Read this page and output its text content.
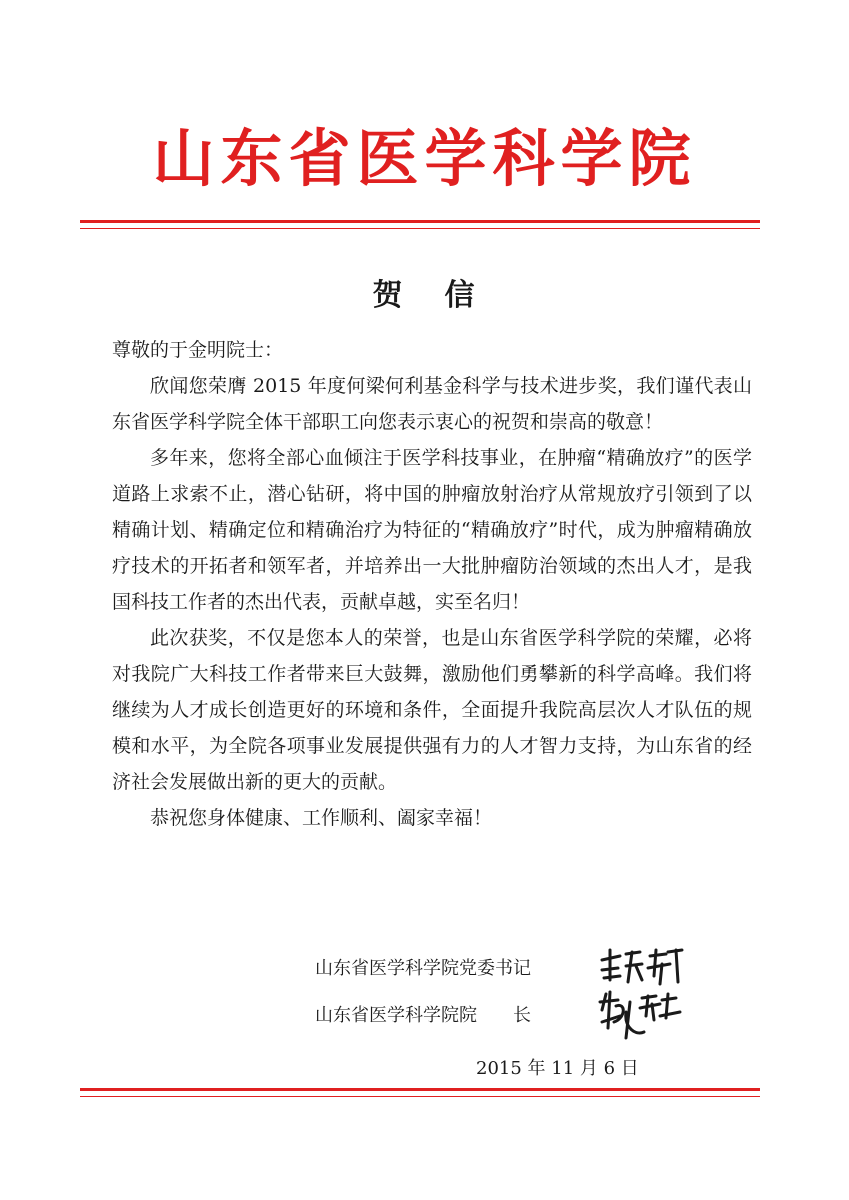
山东省医学科学院
贺 信

尊敬的于金明院士：

欣闻您荣膺 2015 年度何梁何利基金科学与技术进步奖，我们谨代表山东省医学科学院全体干部职工向您表示衷心的祝贺和崇高的敬意！

多年来，您将全部心血倾注于医学科技事业，在肿瘤“精确放疗”的医学道路上求索不止，潜心钻研，将中国的肿瘤放射治疗从常规放疗引领到了以精确计划、精确定位和精确治疗为特征的“精确放疗”时代，成为肿瘤精确放疗技术的开拓者和领军者，并培养出一大批肿瘤防治领域的杰出人才，是我国科技工作者的杰出代表，贡献卓越，实至名归！

此次获奖，不仅是您本人的荣誉，也是山东省医学科学院的荣耀，必将对我院广大科技工作者带来巨大鼓舞，激励他们勇攀新的科学高峰。我们将继续为人才成长创造更好的环境和条件，全面提升我院高层次人才队伍的规模和水平，为全院各项事业发展提供强有力的人才智力支持，为山东省的经济社会发展做出新的更大的贡献。

恭祝您身体健康、工作顺利、阖家幸福！

山东省医学科学院党委书记
山东省医学科学院院　　长
2015 年 11 月 6 日
